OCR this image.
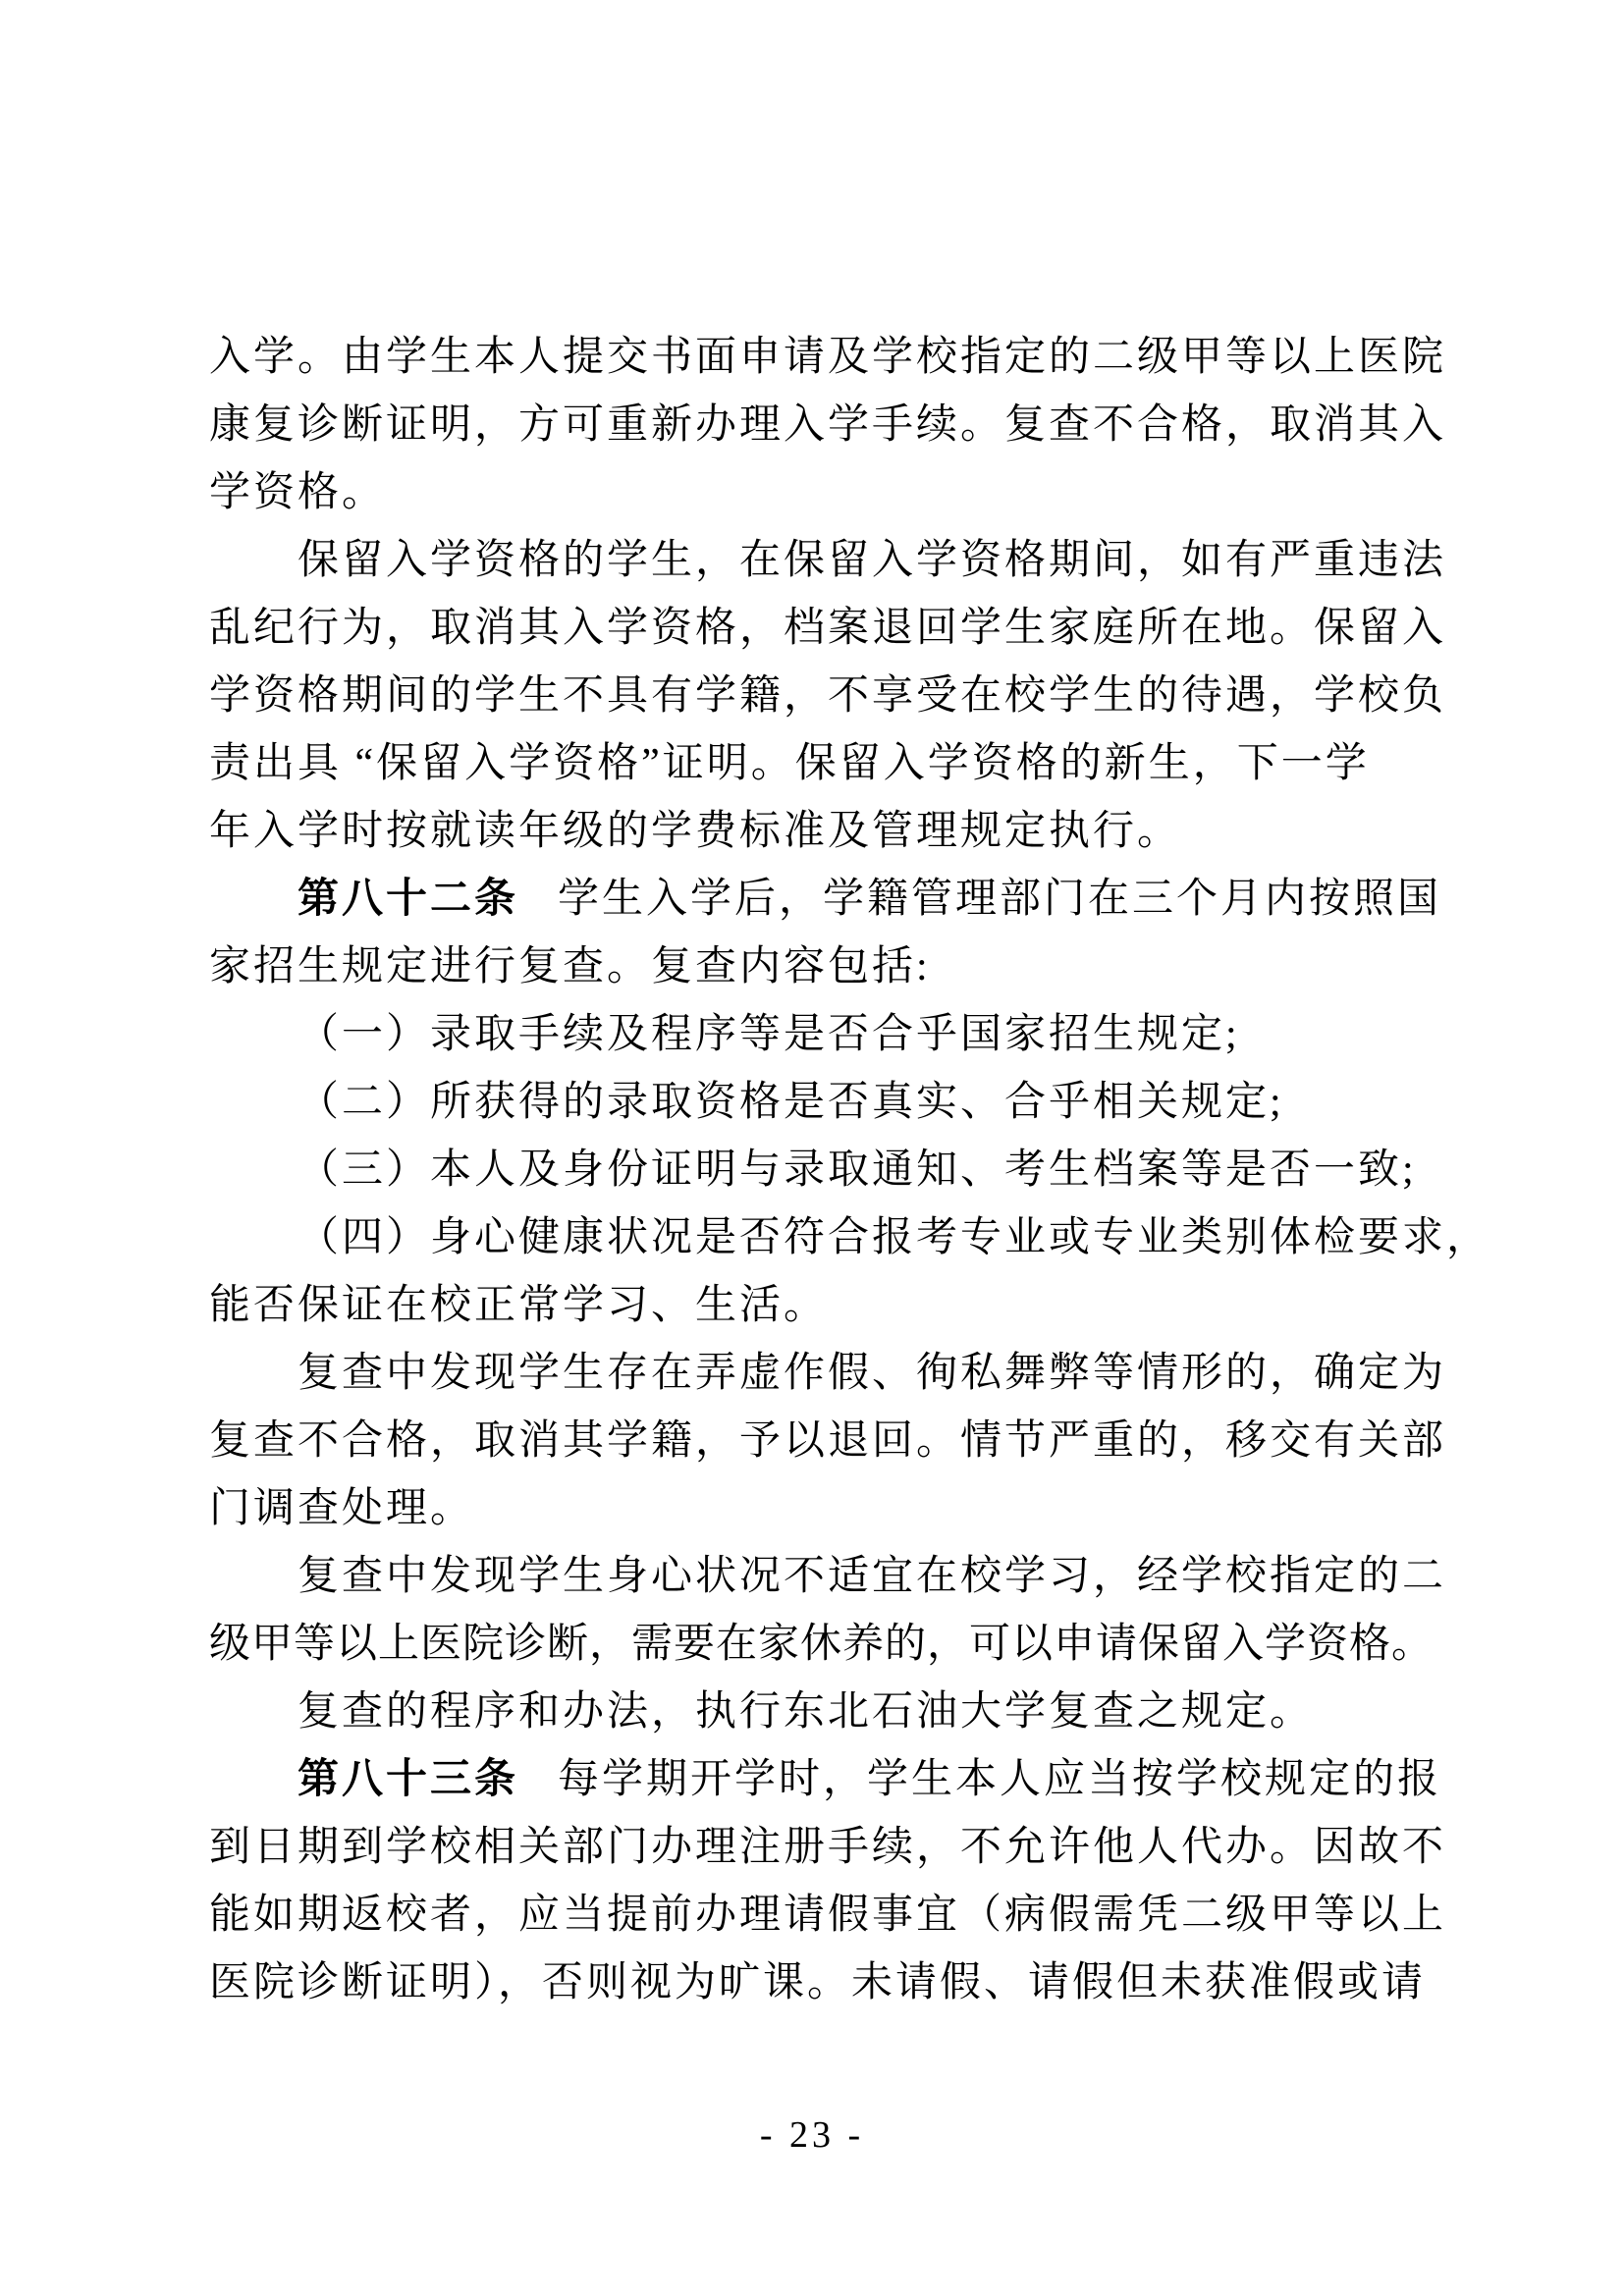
入学。由学生本人提交书面申请及学校指定的二级甲等以上医院
康复诊断证明，方可重新办理入学手续。复查不合格，取消其入
学资格。
保留入学资格的学生，在保留入学资格期间，如有严重违法
乱纪行为，取消其入学资格，档案退回学生家庭所在地。保留入
学资格期间的学生不具有学籍，不享受在校学生的待遇，学校负
责出具 “保留入学资格”证明。保留入学资格的新生，下一学
年入学时按就读年级的学费标准及管理规定执行。
第八十二条 学生入学后，学籍管理部门在三个月内按照国
家招生规定进行复查。复查内容包括:
（一）录取手续及程序等是否合乎国家招生规定;
（二）所获得的录取资格是否真实、合乎相关规定;
（三）本人及身份证明与录取通知、考生档案等是否一致;
（四）身心健康状况是否符合报考专业或专业类别体检要求，
能否保证在校正常学习、生活。
复查中发现学生存在弄虚作假、徇私舞弊等情形的，确定为
复查不合格，取消其学籍，予以退回。情节严重的，移交有关部
门调查处理。
复查中发现学生身心状况不适宜在校学习，经学校指定的二
级甲等以上医院诊断，需要在家休养的，可以申请保留入学资格。
复查的程序和办法，执行东北石油大学复查之规定。
第八十三条 每学期开学时，学生本人应当按学校规定的报
到日期到学校相关部门办理注册手续，不允许他人代办。因故不
能如期返校者，应当提前办理请假事宜（病假需凭二级甲等以上
医院诊断证明），否则视为旷课。未请假、请假但未获准假或请
- 23 -
